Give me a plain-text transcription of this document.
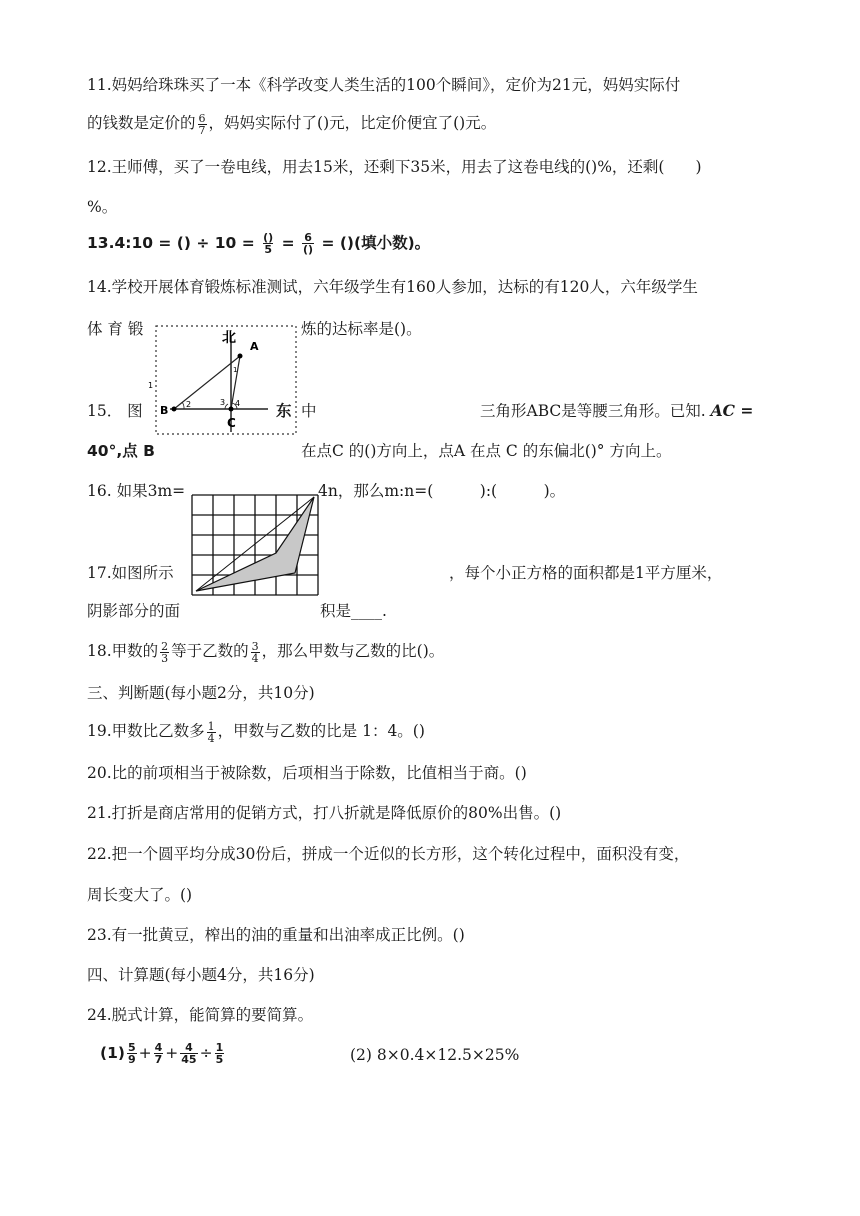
11.妈妈给珠珠买了一本《科学改变人类生活的100个瞬间》，定价为21元，妈妈实际付
的钱数是定价的 $\frac{6}{7}$ ，妈妈实际付了()元，比定价便宜了()元。
12.王师傅，买了一卷电线，用去15米，还剩下35米，用去了这卷电线的()%，还剩(　　)
%。
13.4:10 = () ÷ $10 = \frac{()}{5} = \frac{6}{()}$ = ()(填小数)。
14.学校开展体育锻炼标准测试，六年级学生有160人参加，达标的有120人，六年级学生
体 育 锻	炼的达标率是()。
北
A
B
C
1
2	3 4
1
15． 图	东 中	三角形ABC是等腰三角形。已知. AC =
40°,点 B	在点C 的()方向上，点A 在点 C 的东偏北()° 方向上。
16. 如果3m=	4n，那么m:n=(　　　):(　　　)。
17.如图所示	，每个小正方格的面积都是1平方厘米，
阴影部分的面	积是____.
18.甲数的 $\frac{2}{3}$ 等于乙数的 $\frac{3}{4}$ ，那么甲数与乙数的比()。
三、判断题(每小题2分，共10分)
19.甲数比乙数多 $\frac{1}{4}$ ，甲数与乙数的比是 1：4。()
20.比的前项相当于被除数，后项相当于除数，比值相当于商。()
21.打折是商店常用的促销方式，打八折就是降低原价的80%出售。()
22.把一个圆平均分成30份后，拼成一个近似的长方形，这个转化过程中，面积没有变，
周长变大了。()
23.有一批黄豆，榨出的油的重量和出油率成正比例。()
四、计算题(每小题4分，共16分)
24.脱式计算，能简算的要简算。
$(1) \frac{5}{9} + \frac{4}{7} + \frac{4}{45} \div \frac{1}{5}$	(2) 8×0.4×12.5×25%
